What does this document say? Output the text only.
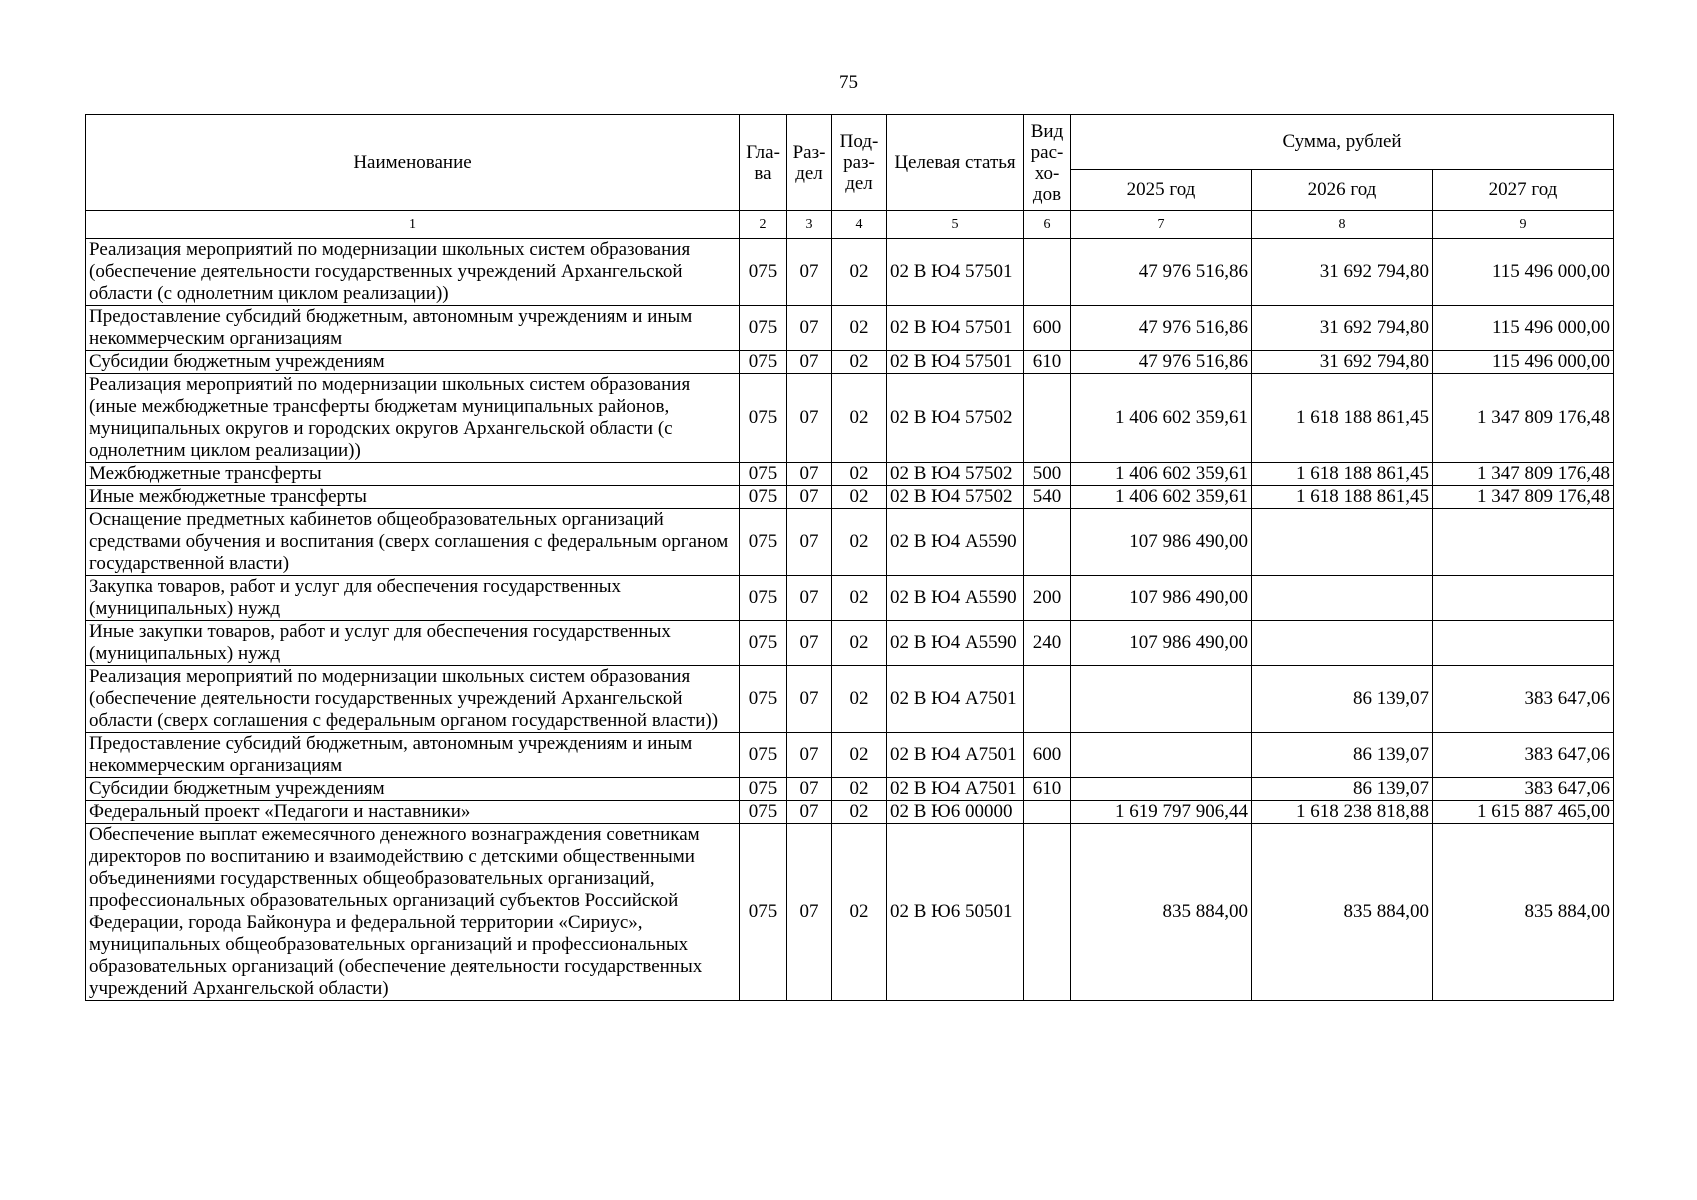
75
Наименование	Гла-ва	Раз-дел	Под-раз-дел	Целевая статья	Вид рас-хо-дов	Сумма, рублей		
						2025 год	2026 год	2027 год
1	2	3	4	5	6	7	8	9
Реализация мероприятий по модернизации школьных систем образования (обеспечение деятельности государственных учреждений Архангельской области (с однолетним циклом реализации))	075	07	02	02 В Ю4 57501		47 976 516,86	31 692 794,80	115 496 000,00
Предоставление субсидий бюджетным, автономным учреждениям и иным некоммерческим организациям	075	07	02	02 В Ю4 57501	600	47 976 516,86	31 692 794,80	115 496 000,00
Субсидии бюджетным учреждениям	075	07	02	02 В Ю4 57501	610	47 976 516,86	31 692 794,80	115 496 000,00
Реализация мероприятий по модернизации школьных систем образования (иные межбюджетные трансферты бюджетам муниципальных районов, муниципальных округов и городских округов Архангельской области (с однолетним циклом реализации))	075	07	02	02 В Ю4 57502		1 406 602 359,61	1 618 188 861,45	1 347 809 176,48
Межбюджетные трансферты	075	07	02	02 В Ю4 57502	500	1 406 602 359,61	1 618 188 861,45	1 347 809 176,48
Иные межбюджетные трансферты	075	07	02	02 В Ю4 57502	540	1 406 602 359,61	1 618 188 861,45	1 347 809 176,48
Оснащение предметных кабинетов общеобразовательных организаций средствами обучения и воспитания (сверх соглашения с федеральным органом государственной власти)	075	07	02	02 В Ю4 А5590		107 986 490,00		
Закупка товаров, работ и услуг для обеспечения государственных (муниципальных) нужд	075	07	02	02 В Ю4 А5590	200	107 986 490,00		
Иные закупки товаров, работ и услуг для обеспечения государственных (муниципальных) нужд	075	07	02	02 В Ю4 А5590	240	107 986 490,00		
Реализация мероприятий по модернизации школьных систем образования (обеспечение деятельности государственных учреждений Архангельской области (сверх соглашения с федеральным органом государственной власти))	075	07	02	02 В Ю4 А7501			86 139,07	383 647,06
Предоставление субсидий бюджетным, автономным учреждениям и иным некоммерческим организациям	075	07	02	02 В Ю4 А7501	600		86 139,07	383 647,06
Субсидии бюджетным учреждениям	075	07	02	02 В Ю4 А7501	610		86 139,07	383 647,06
Федеральный проект «Педагоги и наставники»	075	07	02	02 В Ю6 00000		1 619 797 906,44	1 618 238 818,88	1 615 887 465,00
Обеспечение выплат ежемесячного денежного вознаграждения советникам директоров по воспитанию и взаимодействию с детскими общественными объединениями государственных общеобразовательных организаций, профессиональных образовательных организаций субъектов Российской Федерации, города Байконура и федеральной территории «Сириус», муниципальных общеобразовательных организаций и профессиональных образовательных организаций (обеспечение деятельности государственных учреждений Архангельской области)	075	07	02	02 В Ю6 50501		835 884,00	835 884,00	835 884,00
